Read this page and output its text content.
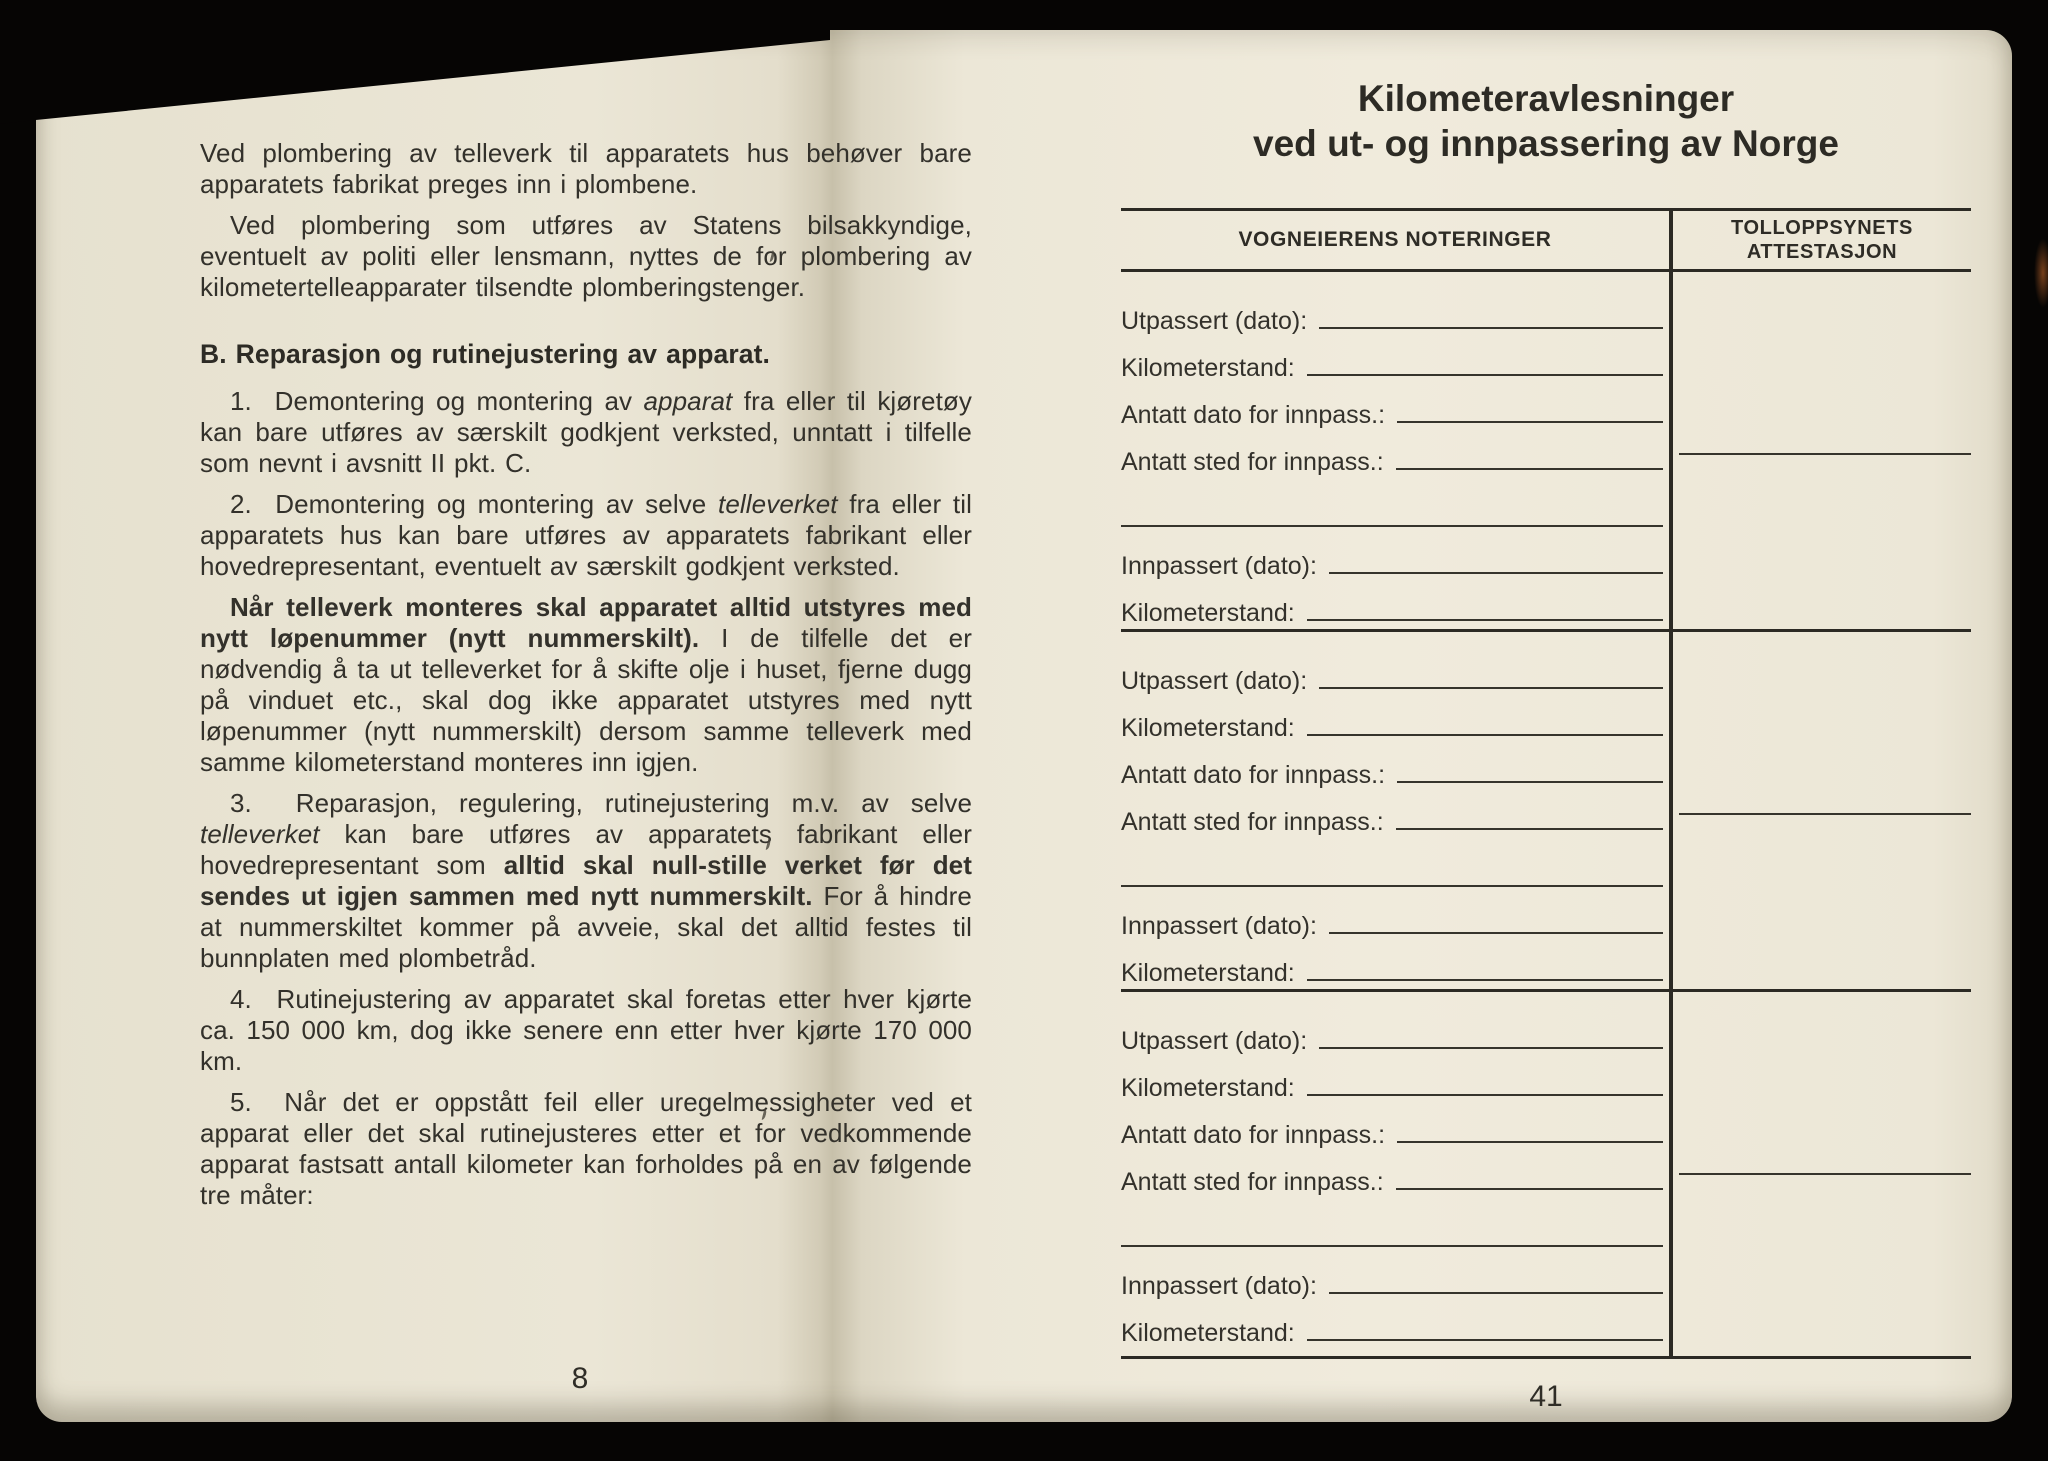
Ved plombering av telleverk til apparatets hus behøver bare apparatets fabrikat preges inn i plombene.

Ved plombering som utføres av Statens bilsakkyndige, eventuelt av politi eller lensmann, nyttes de for plombering av kilometertelleapparater tilsendte plomberingstenger.

B. Reparasjon og rutinejustering av apparat.

1.  Demontering og montering av apparat fra eller til kjøretøy kan bare utføres av særskilt godkjent verksted, unntatt i tilfelle som nevnt i avsnitt II pkt. C.

2.  Demontering og montering av selve telleverket fra eller til apparatets hus kan bare utføres av apparatets fabrikant eller hovedrepresentant, eventuelt av særskilt godkjent verksted.

Når telleverk monteres skal apparatet alltid utstyres med nytt løpenummer (nytt nummerskilt). I de tilfelle det er nødvendig å ta ut telleverket for å skifte olje i huset, fjerne dugg på vinduet etc., skal dog ikke apparatet utstyres med nytt løpenummer (nytt nummerskilt) dersom samme telleverk med samme kilometerstand monteres inn igjen.

3.  Reparasjon, regulering, rutinejustering m.v. av selve telleverket kan bare utføres av apparatets fabrikant eller hovedrepresentant som alltid skal null-stille verket før det sendes ut igjen sammen med nytt nummerskilt. For å hindre at nummerskiltet kommer på avveie, skal det alltid festes til bunnplaten med plombetråd.

4.  Rutinejustering av apparatet skal foretas etter hver kjørte ca. 150 000 km, dog ikke senere enn etter hver kjørte 170 000 km.

5.  Når det er oppstått feil eller uregelmessigheter ved et apparat eller det skal rutinejusteres etter et for vedkommende apparat fastsatt antall kilometer kan forholdes på en av følgende tre måter:

8
Kilometeravlesninger
ved ut- og innpassering av Norge
VOGNEIERENS NOTERINGER	TOLLOPPSYNETS
ATTESTASJON
Utpassert (dato):
Kilometerstand:
Antatt dato for innpass.:
Antatt sted for innpass.:
Innpassert (dato):
Kilometerstand:
Utpassert (dato):
Kilometerstand:
Antatt dato for innpass.:
Antatt sted for innpass.:
Innpassert (dato):
Kilometerstand:
Utpassert (dato):
Kilometerstand:
Antatt dato for innpass.:
Antatt sted for innpass.:
Innpassert (dato):
Kilometerstand:
41
